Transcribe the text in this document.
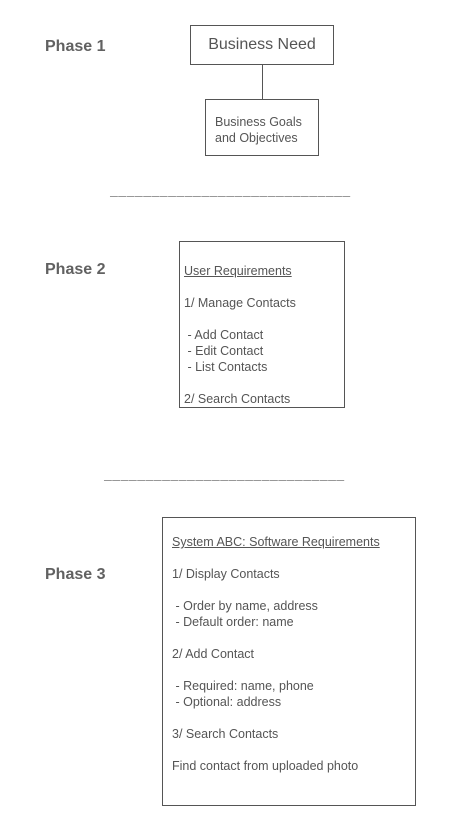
Phase 1
Phase 2
Phase 3
Business Need
Business Goals
and Objectives
_____________________________
User Requirements
1/ Manage Contacts
- Add Contact
- Edit Contact
- List Contacts
2/ Search Contacts
_____________________________
System ABC: Software Requirements
1/ Display Contacts
- Order by name, address
- Default order: name
2/ Add Contact
- Required: name, phone
- Optional: address
3/ Search Contacts
Find contact from uploaded photo
